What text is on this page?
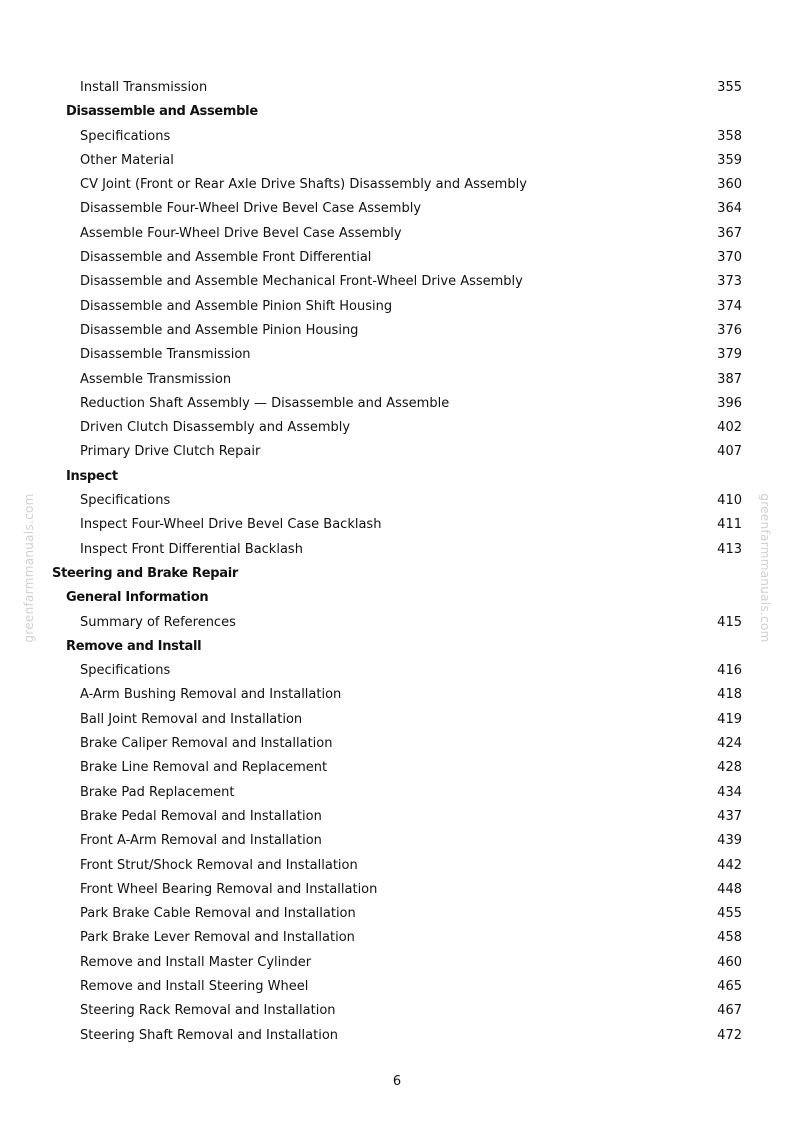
Install Transmission	355
Disassemble and Assemble
Specifications	358
Other Material	359
CV Joint (Front or Rear Axle Drive Shafts) Disassembly and Assembly	360
Disassemble Four-Wheel Drive Bevel Case Assembly	364
Assemble Four-Wheel Drive Bevel Case Assembly	367
Disassemble and Assemble Front Differential	370
Disassemble and Assemble Mechanical Front-Wheel Drive Assembly	373
Disassemble and Assemble Pinion Shift Housing	374
Disassemble and Assemble Pinion Housing	376
Disassemble Transmission	379
Assemble Transmission	387
Reduction Shaft Assembly — Disassemble and Assemble	396
Driven Clutch Disassembly and Assembly	402
Primary Drive Clutch Repair	407
Inspect
Specifications	410
Inspect Four-Wheel Drive Bevel Case Backlash	411
Inspect Front Differential Backlash	413
Steering and Brake Repair
General Information
Summary of References	415
Remove and Install
Specifications	416
A-Arm Bushing Removal and Installation	418
Ball Joint Removal and Installation	419
Brake Caliper Removal and Installation	424
Brake Line Removal and Replacement	428
Brake Pad Replacement	434
Brake Pedal Removal and Installation	437
Front A-Arm Removal and Installation	439
Front Strut/Shock Removal and Installation	442
Front Wheel Bearing Removal and Installation	448
Park Brake Cable Removal and Installation	455
Park Brake Lever Removal and Installation	458
Remove and Install Master Cylinder	460
Remove and Install Steering Wheel	465
Steering Rack Removal and Installation	467
Steering Shaft Removal and Installation	472
6
greenfarmmanuals.com	greenfarmmanuals.com
